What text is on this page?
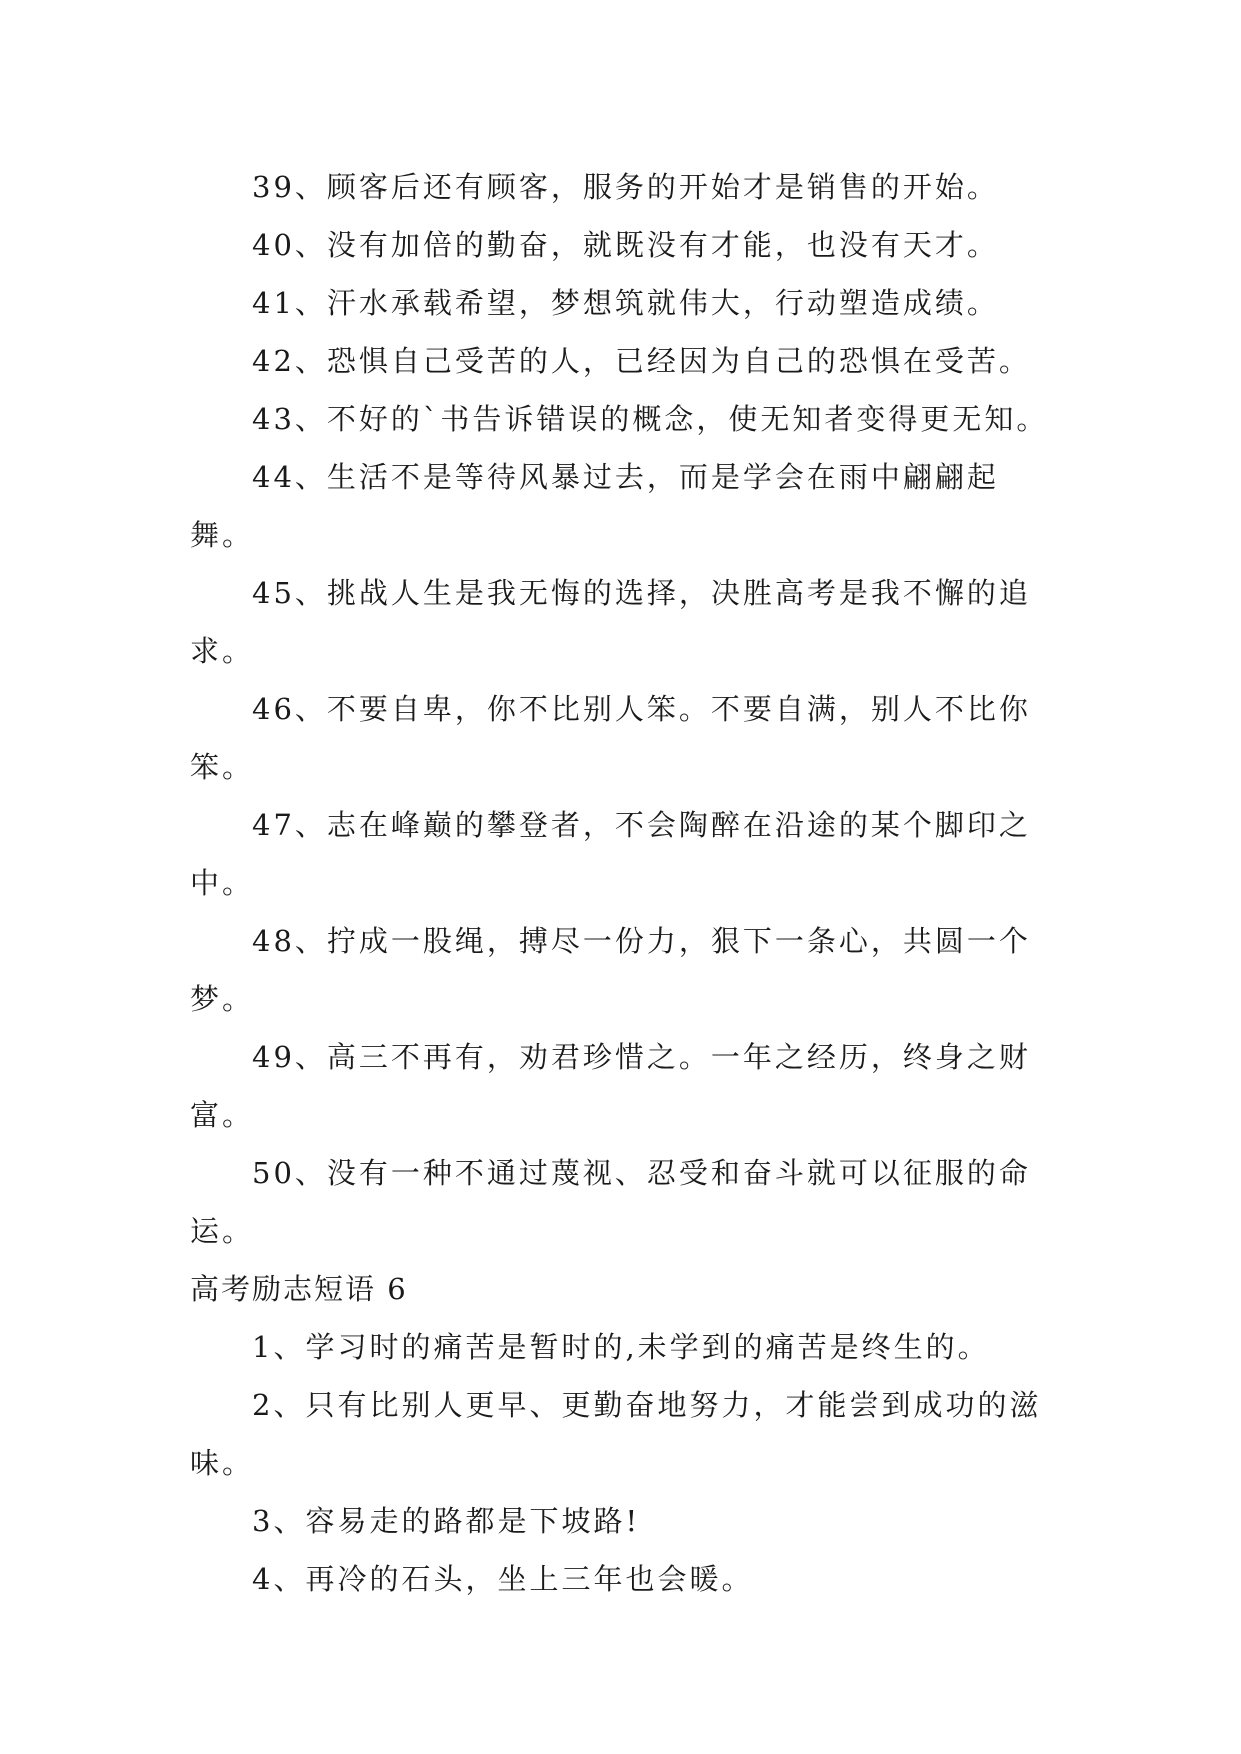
39、顾客后还有顾客，服务的开始才是销售的开始。

40、没有加倍的勤奋，就既没有才能，也没有天才。

41、汗水承载希望，梦想筑就伟大，行动塑造成绩。

42、恐惧自己受苦的人，已经因为自己的恐惧在受苦。

43、不好的`书告诉错误的概念，使无知者变得更无知。

44、生活不是等待风暴过去，而是学会在雨中翩翩起舞。

45、挑战人生是我无悔的选择，决胜高考是我不懈的追求。

46、不要自卑，你不比别人笨。不要自满，别人不比你笨。

47、志在峰巅的攀登者，不会陶醉在沿途的某个脚印之中。

48、拧成一股绳，搏尽一份力，狠下一条心，共圆一个梦。

49、高三不再有，劝君珍惜之。一年之经历，终身之财富。

50、没有一种不通过蔑视、忍受和奋斗就可以征服的命运。

高考励志短语 6

1、学习时的痛苦是暂时的,未学到的痛苦是终生的。

2、只有比别人更早、更勤奋地努力，才能尝到成功的滋味。

3、容易走的路都是下坡路!

4、再冷的石头，坐上三年也会暖。
